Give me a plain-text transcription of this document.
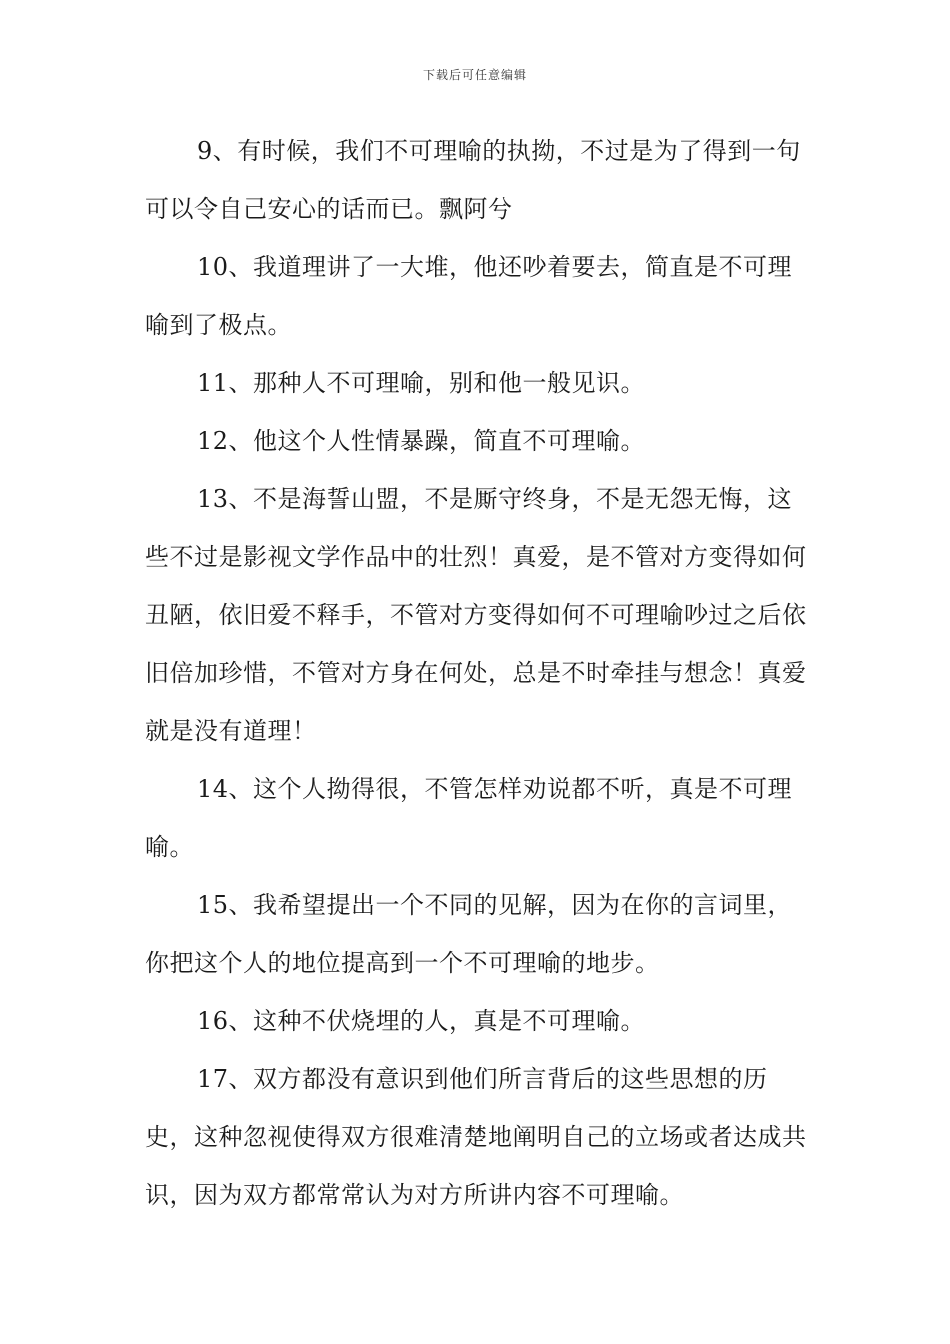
下载后可任意编辑

9、有时候，我们不可理喻的执拗，不过是为了得到一句可以令自己安心的话而已。飘阿兮

10、我道理讲了一大堆，他还吵着要去，简直是不可理喻到了极点。

11、那种人不可理喻，别和他一般见识。

12、他这个人性情暴躁，简直不可理喻。

13、不是海誓山盟，不是厮守终身，不是无怨无悔，这些不过是影视文学作品中的壮烈！真爱，是不管对方变得如何丑陋，依旧爱不释手，不管对方变得如何不可理喻吵过之后依旧倍加珍惜，不管对方身在何处，总是不时牵挂与想念！真爱就是没有道理！

14、这个人拗得很，不管怎样劝说都不听，真是不可理喻。

15、我希望提出一个不同的见解，因为在你的言词里，你把这个人的地位提高到一个不可理喻的地步。

16、这种不伏烧埋的人，真是不可理喻。

17、双方都没有意识到他们所言背后的这些思想的历史，这种忽视使得双方很难清楚地阐明自己的立场或者达成共识，因为双方都常常认为对方所讲内容不可理喻。
